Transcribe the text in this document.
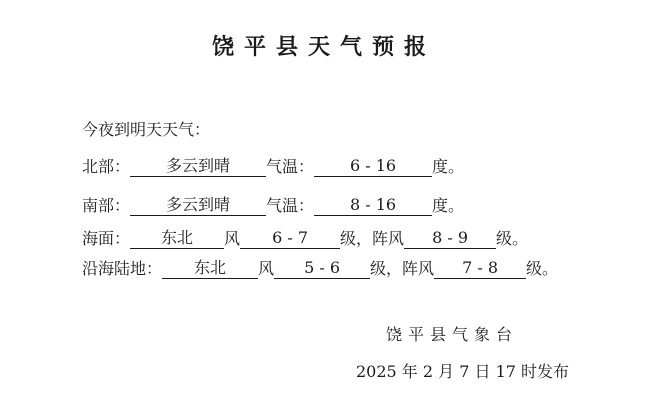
饶平县天气预报
今夜到明天天气：
北部： 多云到晴 气温： 6 - 16 度。
南部： 多云到晴 气温： 8 - 16 度。
海面： 东北 风 6 - 7 级，阵风 8 - 9 级。
沿海陆地： 东北 风 5 - 6 级，阵风 7 - 8 级。
饶平县气象台
2025 年 2 月 7 日 17 时发布
